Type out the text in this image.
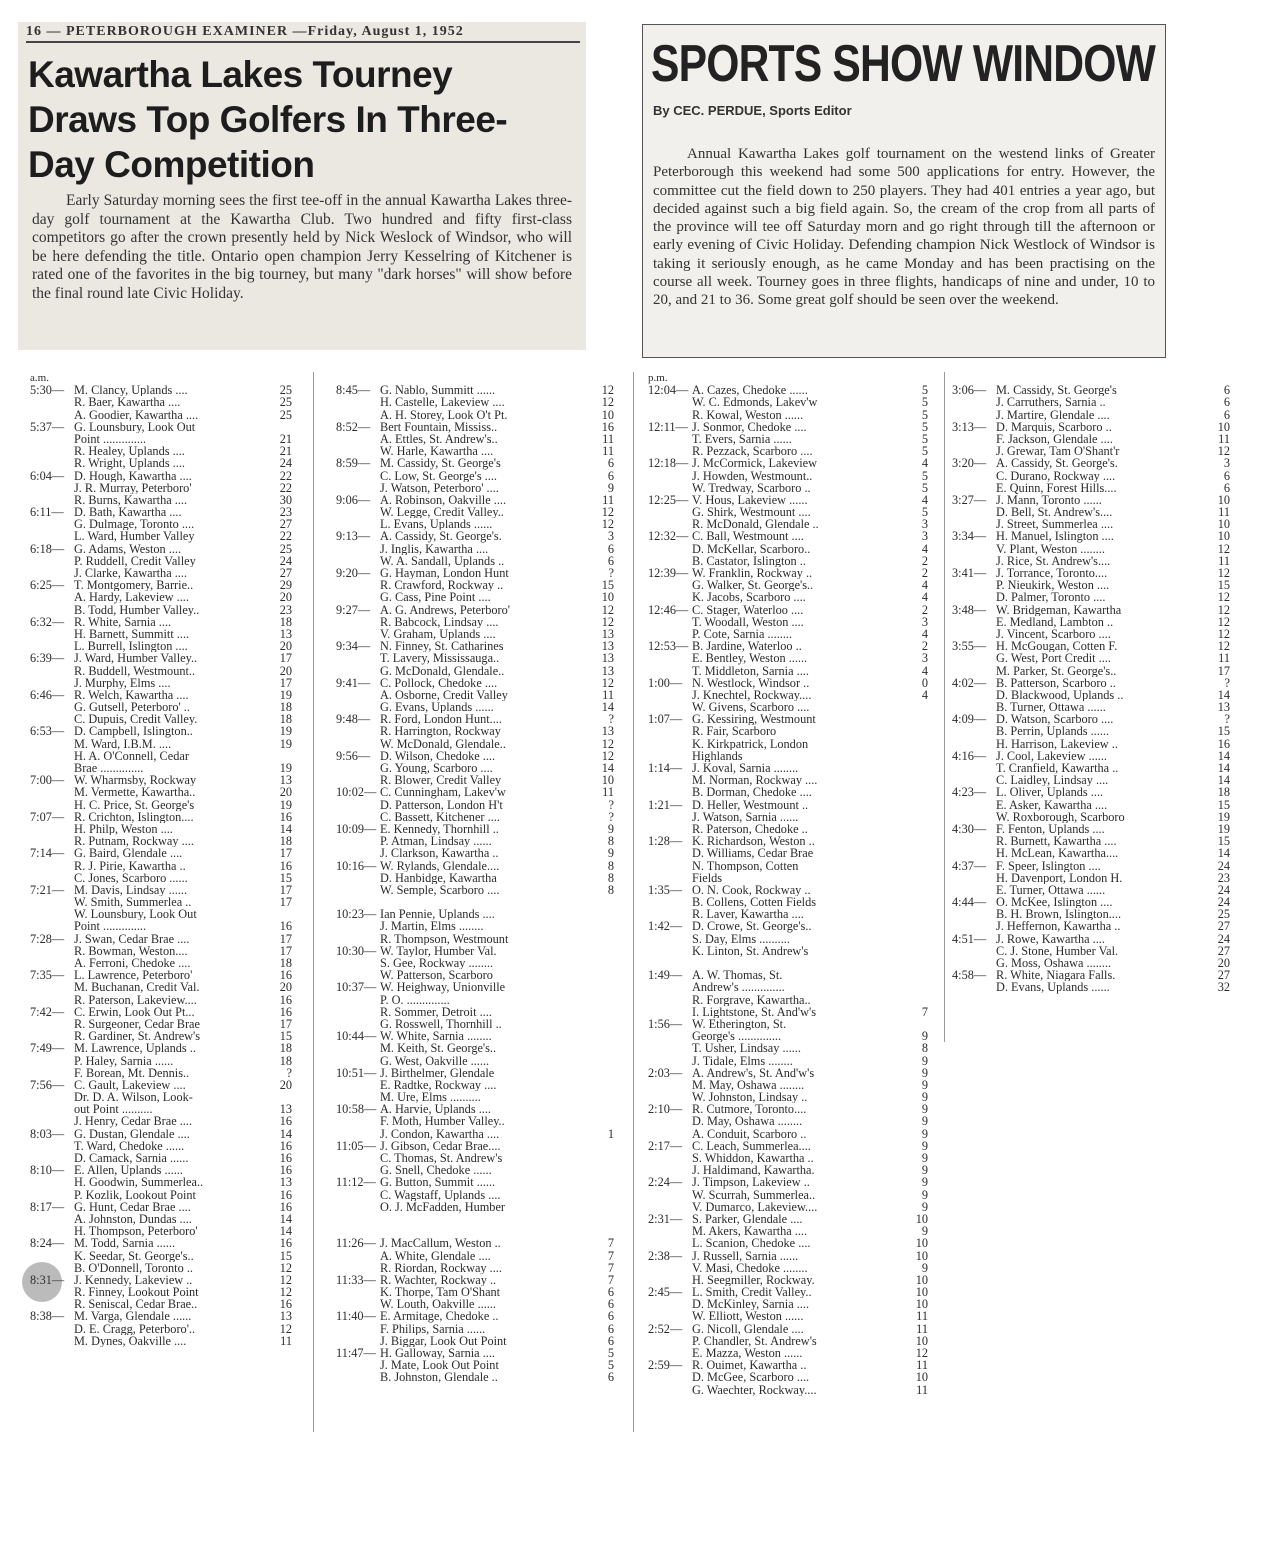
16 — PETERBOROUGH EXAMINER —Friday, August 1, 1952
Kawartha Lakes Tourney Draws Top Golfers In Three-Day Competition
Early Saturday morning sees the first tee-off in the annual Kawartha Lakes three-day golf tournament at the Kawartha Club. Two hundred and fifty first-class competitors go after the crown presently held by Nick Weslock of Windsor, who will be here defending the title. Ontario open champion Jerry Kesselring of Kitchener is rated one of the favorites in the big tourney, but many "dark horses" will show before the final round late Civic Holiday.
SPORTS SHOW WINDOW
By CEC. PERDUE, Sports Editor
Annual Kawartha Lakes golf tournament on the westend links of Greater Peterborough this weekend had some 500 applications for entry. However, the committee cut the field down to 250 players. They had 401 entries a year ago, but decided against such a big field again. So, the cream of the crop from all parts of the province will tee off Saturday morn and go right through till the afternoon or early evening of Civic Holiday. Defending champion Nick Westlock of Windsor is taking it seriously enough, as he came Monday and has been practising on the course all week. Tourney goes in three flights, handicaps of nine and under, 10 to 20, and 21 to 36. Some great golf should be seen over the weekend.
a.m.
5:30— M. Clancy, Uplands ....	25
R. Baer, Kawartha ....	25
A. Goodier, Kawartha ....	25
5:37— G. Lounsbury, Look Out
Point ..............	21
R. Healey, Uplands ....	21
R. Wright, Uplands ....	24
6:04— D. Hough, Kawartha ....	22
J. R. Murray, Peterboro'	22
R. Burns, Kawartha ....	30
6:11— D. Bath, Kawartha ....	23
G. Dulmage, Toronto ....	27
L. Ward, Humber Valley	22
6:18— G. Adams, Weston ....	25
P. Ruddell, Credit Valley	24
J. Clarke, Kawartha ....	27
6:25— T. Montgomery, Barrie..	29
A. Hardy, Lakeview ....	20
B. Todd, Humber Valley..	23
6:32— R. White, Sarnia ....	18
H. Barnett, Summitt ....	13
L. Burrell, Islington ....	20
6:39— J. Ward, Humber Valley..	17
R. Buddell, Westmount..	20
J. Murphy, Elms ....	17
6:46— R. Welch, Kawartha ....	19
G. Gutsell, Peterboro' ..	18
C. Dupuis, Credit Valley.	18
6:53— D. Campbell, Islington..	19
M. Ward, I.B.M. ....	19
H. A. O'Connell, Cedar
Brae ..............	19
7:00— W. Wharmsby, Rockway	13
M. Vermette, Kawartha..	20
H. C. Price, St. George's	19
7:07— R. Crichton, Islington....	16
H. Philp, Weston ....	14
R. Putnam, Rockway ....	18
7:14— G. Baird, Glendale ....	17
R. J. Pirie, Kawartha ..	16
C. Jones, Scarboro ......	15
7:21— M. Davis, Lindsay ......	17
W. Smith, Summerlea ..	17
W. Lounsbury, Look Out
Point ..............	16
7:28— J. Swan, Cedar Brae ....	17
R. Bowman, Weston....	17
A. Ferroni, Chedoke ....	18
7:35— L. Lawrence, Peterboro'	16
M. Buchanan, Credit Val.	20
R. Paterson, Lakeview....	16
7:42— C. Erwin, Look Out Pt...	16
R. Surgeoner, Cedar Brae	17
R. Gardiner, St. Andrew's	15
7:49— M. Lawrence, Uplands ..	18
P. Haley, Sarnia ......	18
F. Borean, Mt. Dennis..	?
7:56— C. Gault, Lakeview ....	20
Dr. D. A. Wilson, Look-
out Point ..........	13
J. Henry, Cedar Brae ....	16
8:03— G. Dustan, Glendale ....	14
T. Ward, Chedoke ......	16
D. Camack, Sarnia ......	16
8:10— E. Allen, Uplands ......	16
H. Goodwin, Summerlea..	13
P. Kozlik, Lookout Point	16
8:17— G. Hunt, Cedar Brae ....	16
A. Johnston, Dundas ....	14
H. Thompson, Peterboro'	14
8:24— M. Todd, Sarnia ......	16
K. Seedar, St. George's..	15
B. O'Donnell, Toronto ..	12
8:31— J. Kennedy, Lakeview ..	12
R. Finney, Lookout Point	12
R. Seniscal, Cedar Brae..	16
8:38— M. Varga, Glendale ......	13
D. E. Cragg, Peterboro'..	12
M. Dynes, Oakville ....	11
8:45— G. Nablo, Summitt ......	12
H. Castelle, Lakeview ....	12
A. H. Storey, Look O't Pt.	10
8:52— Bert Fountain, Mississ..	16
A. Ettles, St. Andrew's..	11
W. Harle, Kawartha ....	11
8:59— M. Cassidy, St. George's	6
C. Low, St. George's ....	6
J. Watson, Peterboro' ....	9
9:06— A. Robinson, Oakville ....	11
W. Legge, Credit Valley..	12
L. Evans, Uplands ......	12
9:13— A. Cassidy, St. George's.	3
J. Inglis, Kawartha ....	6
W. A. Sandall, Uplands ..	6
9:20— G. Hayman, London Hunt	?
R. Crawford, Rockway ..	15
G. Cass, Pine Point ....	10
9:27— A. G. Andrews, Peterboro'	12
R. Babcock, Lindsay ....	12
V. Graham, Uplands ....	13
9:34— N. Finney, St. Catharines	13
T. Lavery, Mississauga..	13
G. McDonald, Glendale..	13
9:41— C. Pollock, Chedoke ....	12
A. Osborne, Credit Valley	11
G. Evans, Uplands ......	14
9:48— R. Ford, London Hunt....	?
R. Harrington, Rockway	13
W. McDonald, Glendale..	12
9:56— D. Wilson, Chedoke ....	12
G. Young, Scarboro ....	14
R. Blower, Credit Valley	10
10:02— C. Cunningham, Lakev'w	11
D. Patterson, London H't	?
C. Bassett, Kitchener ....	?
10:09— E. Kennedy, Thornhill ..	9
P. Atman, Lindsay ......	8
J. Clarkson, Kawartha ..	9
10:16— W. Rylands, Glendale....	8
D. Hanbidge, Kawartha	8
W. Semple, Scarboro ....	8
10:23— Ian Pennie, Uplands ....
J. Martin, Elms ........
R. Thompson, Westmount
10:30— W. Taylor, Humber Val.
S. Gee, Rockway ........
W. Patterson, Scarboro
10:37— W. Heighway, Unionville
P. O. ..............
R. Sommer, Detroit ....
G. Rosswell, Thornhill ..
10:44— W. White, Sarnia ........
M. Keith, St. George's..
G. West, Oakville ......
10:51— J. Birthelmer, Glendale
E. Radtke, Rockway ....
M. Ure, Elms ..........
10:58— A. Harvie, Uplands ....
F. Moth, Humber Valley..
J. Condon, Kawartha ....	1
11:05— J. Gibson, Cedar Brae....
C. Thomas, St. Andrew's
G. Snell, Chedoke ......
11:12— G. Button, Summit ......
C. Wagstaff, Uplands ....
O. J. McFadden, Humber
11:26— J. MacCallum, Weston ..	7
A. White, Glendale ....	7
R. Riordan, Rockway ....	7
11:33— R. Wachter, Rockway ..	7
K. Thorpe, Tam O'Shant	6
W. Louth, Oakville ......	6
11:40— E. Armitage, Chedoke ..	6
F. Philips, Sarnia ......	6
J. Biggar, Look Out Point	6
11:47— H. Galloway, Sarnia ....	5
J. Mate, Look Out Point	5
B. Johnston, Glendale ..	6
p.m.
12:04— A. Cazes, Chedoke ......	5
W. C. Edmonds, Lakev'w	5
R. Kowal, Weston ......	5
12:11— J. Sonmor, Chedoke ....	5
T. Evers, Sarnia ......	5
R. Pezzack, Scarboro ....	5
12:18— J. McCormick, Lakeview	4
J. Howden, Westmount..	5
W. Tredway, Scarboro ..	5
12:25— V. Hous, Lakeview ......	4
G. Shirk, Westmount ....	5
R. McDonald, Glendale ..	3
12:32— C. Ball, Westmount ....	3
D. McKellar, Scarboro..	4
B. Castator, Islington ..	2
12:39— W. Franklin, Rockway ..	2
G. Walker, St. George's..	4
K. Jacobs, Scarboro ....	4
12:46— C. Stager, Waterloo ....	2
T. Woodall, Weston ....	3
P. Cote, Sarnia ........	4
12:53— B. Jardine, Waterloo ..	2
E. Bentley, Weston ......	3
T. Middleton, Sarnia ....	4
1:00— N. Westlock, Windsor ..	0
J. Knechtel, Rockway....	4
W. Givens, Scarboro ....
1:07— G. Kessiring, Westmount
R. Fair, Scarboro
K. Kirkpatrick, London
Highlands
1:14— J. Koval, Sarnia ........
M. Norman, Rockway ....
B. Dorman, Chedoke ....
1:21— D. Heller, Westmount ..
J. Watson, Sarnia ......
R. Paterson, Chedoke ..
1:28— K. Richardson, Weston ..
D. Williams, Cedar Brae
N. Thompson, Cotten
Fields
1:35— O. N. Cook, Rockway ..
B. Collens, Cotten Fields
R. Laver, Kawartha ....
1:42— D. Crowe, St. George's..
S. Day, Elms ..........
K. Linton, St. Andrew's
1:49— A. W. Thomas, St.
Andrew's ..............
R. Forgrave, Kawartha..
I. Lightstone, St. And'w's	7
1:56— W. Etherington, St.
George's ..............	9
T. Usher, Lindsay ......	8
J. Tidale, Elms ........	9
2:03— A. Andrew's, St. And'w's	9
M. May, Oshawa ........	9
W. Johnston, Lindsay ..	9
2:10— R. Cutmore, Toronto....	9
D. May, Oshawa ........	9
A. Conduit, Scarboro ..	9
2:17— C. Leach, Summerlea....	9
S. Whiddon, Kawartha ..	9
J. Haldimand, Kawartha.	9
2:24— J. Timpson, Lakeview ..	9
W. Scurrah, Summerlea..	9
V. Dumarco, Lakeview....	9
2:31— S. Parker, Glendale ....	10
M. Akers, Kawartha ....	9
L. Scanion, Chedoke ....	10
2:38— J. Russell, Sarnia ......	10
V. Masi, Chedoke ........	9
H. Seegmiller, Rockway.	10
2:45— L. Smith, Credit Valley..	10
D. McKinley, Sarnia ....	10
W. Elliott, Weston ......	11
2:52— G. Nicoll, Glendale ....	11
P. Chandler, St. Andrew's	10
E. Mazza, Weston ......	12
2:59— R. Ouimet, Kawartha ..	11
D. McGee, Scarboro ....	10
G. Waechter, Rockway....	11
3:06— M. Cassidy, St. George's	6
J. Carruthers, Sarnia ..	6
J. Martire, Glendale ....	6
3:13— D. Marquis, Scarboro ..	10
F. Jackson, Glendale ....	11
J. Grewar, Tam O'Shant'r	12
3:20— A. Cassidy, St. George's.	3
C. Durano, Rockway ....	6
E. Quinn, Forest Hills....	6
3:27— J. Mann, Toronto ......	10
D. Bell, St. Andrew's....	11
J. Street, Summerlea ....	10
3:34— H. Manuel, Islington ....	10
V. Plant, Weston ........	12
J. Rice, St. Andrew's....	11
3:41— J. Torrance, Toronto....	12
P. Nieukirk, Weston ....	15
D. Palmer, Toronto ....	12
3:48— W. Bridgeman, Kawartha	12
E. Medland, Lambton ..	12
J. Vincent, Scarboro ....	12
3:55— H. McGougan, Cotten F.	12
G. West, Port Credit ....	11
M. Parker, St. George's..	17
4:02— B. Patterson, Scarboro ..	?
D. Blackwood, Uplands ..	14
B. Turner, Ottawa ......	13
4:09— D. Watson, Scarboro ....	?
B. Perrin, Uplands ......	15
H. Harrison, Lakeview ..	16
4:16— J. Cool, Lakeview ......	14
T. Cranfield, Kawartha ..	14
C. Laidley, Lindsay ....	14
4:23— L. Oliver, Uplands ....	18
E. Asker, Kawartha ....	15
W. Roxborough, Scarboro	19
4:30— F. Fenton, Uplands ....	19
R. Burnett, Kawartha ....	15
H. McLean, Kawartha....	14
4:37— F. Speer, Islington ....	24
H. Davenport, London H.	23
E. Turner, Ottawa ......	24
4:44— O. McKee, Islington ....	24
B. H. Brown, Islington....	25
J. Heffernon, Kawartha ..	27
4:51— J. Rowe, Kawartha ....	24
C. J. Stone, Humber Val.	27
G. Moss, Oshawa ........	20
4:58— R. White, Niagara Falls.	27
D. Evans, Uplands ......	32
